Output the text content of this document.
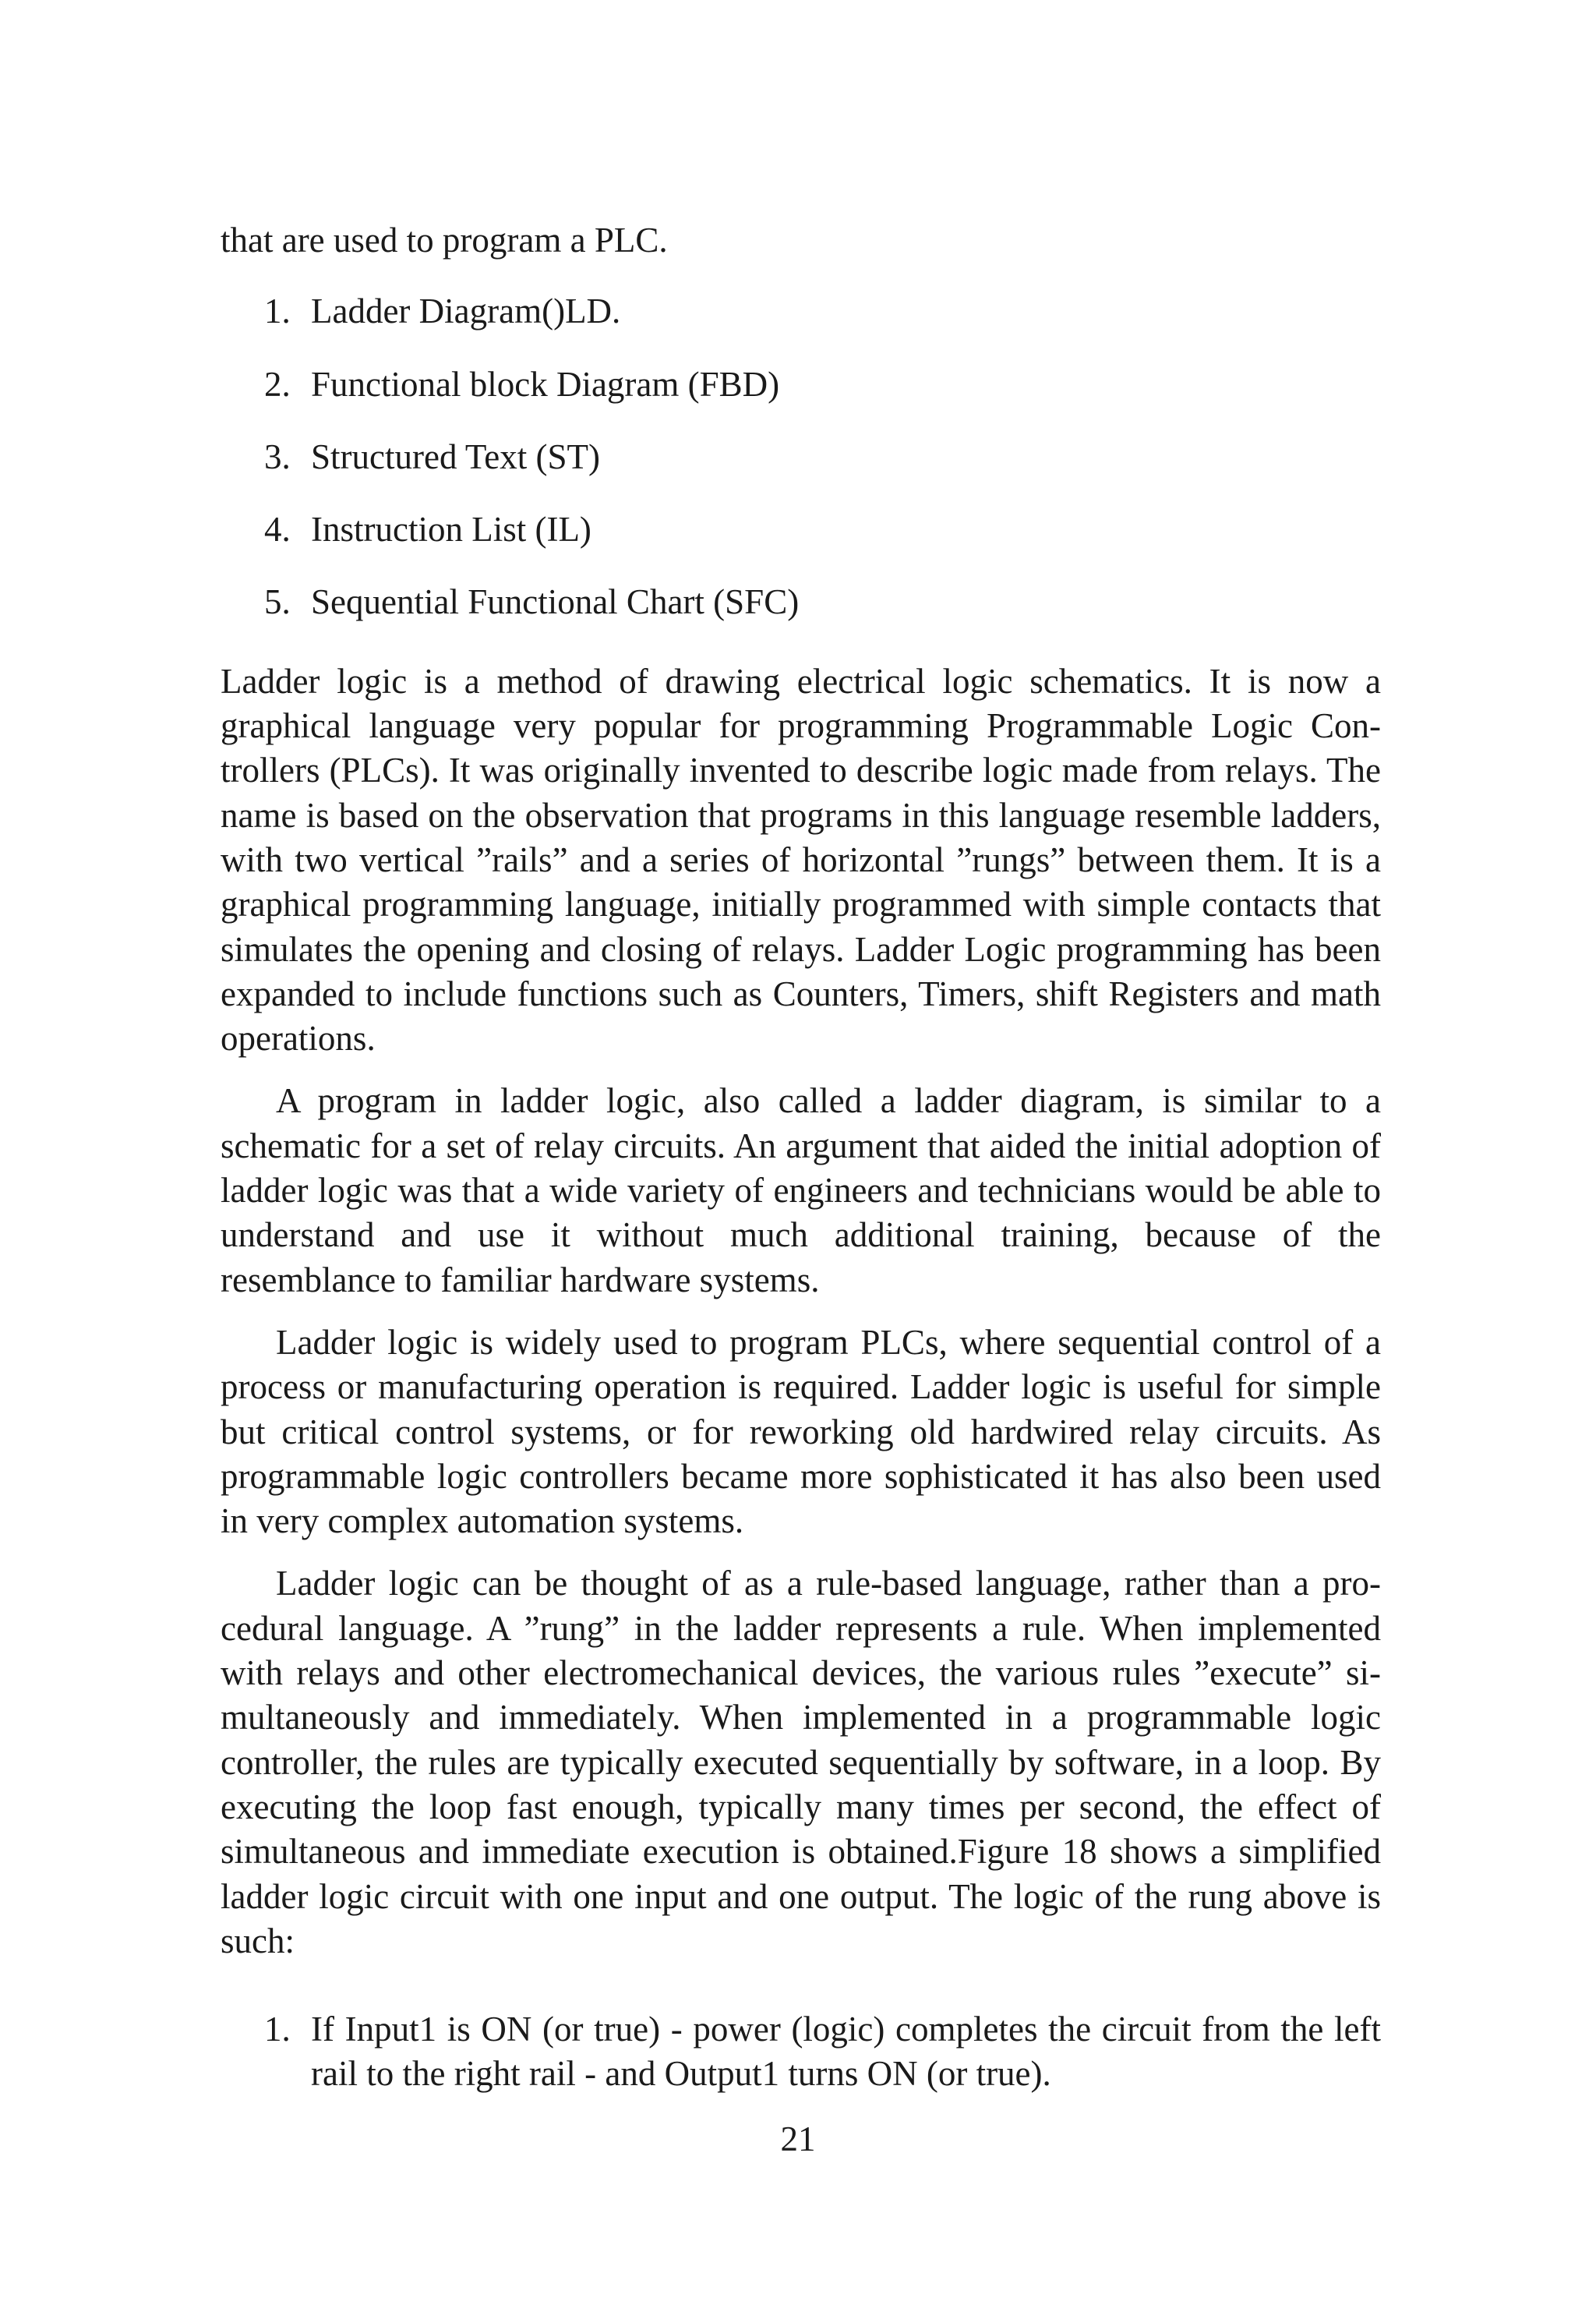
that are used to program a PLC.

1. Ladder Diagram()LD.
2. Functional block Diagram (FBD)
3. Structured Text (ST)
4. Instruction List (IL)
5. Sequential Functional Chart (SFC)

Ladder logic is a method of drawing electrical logic schematics. It is now a graphical language very popular for programming Programmable Logic Controllers (PLCs). It was originally invented to describe logic made from relays. The name is based on the observation that programs in this language resemble ladders, with two vertical ”rails” and a series of horizontal ”rungs” between them. It is a graphical programming language, initially programmed with simple contacts that simulates the opening and closing of relays. Ladder Logic programming has been expanded to include functions such as Counters, Timers, shift Registers and math operations.

A program in ladder logic, also called a ladder diagram, is similar to a schematic for a set of relay circuits. An argument that aided the initial adoption of ladder logic was that a wide variety of engineers and technicians would be able to understand and use it without much additional training, because of the resemblance to familiar hardware systems.

Ladder logic is widely used to program PLCs, where sequential control of a process or manufacturing operation is required. Ladder logic is useful for simple but critical control systems, or for reworking old hardwired relay circuits. As programmable logic controllers became more sophisticated it has also been used in very complex automation systems.

Ladder logic can be thought of as a rule-based language, rather than a procedural language. A ”rung” in the ladder represents a rule. When implemented with relays and other electromechanical devices, the various rules ”execute” simultaneously and immediately. When implemented in a programmable logic controller, the rules are typically executed sequentially by software, in a loop. By executing the loop fast enough, typically many times per second, the effect of simultaneous and immediate execution is obtained.Figure 18 shows a simplified ladder logic circuit with one input and one output. The logic of the rung above is such:

1. If Input1 is ON (or true) - power (logic) completes the circuit from the left rail to the right rail - and Output1 turns ON (or true).
21
